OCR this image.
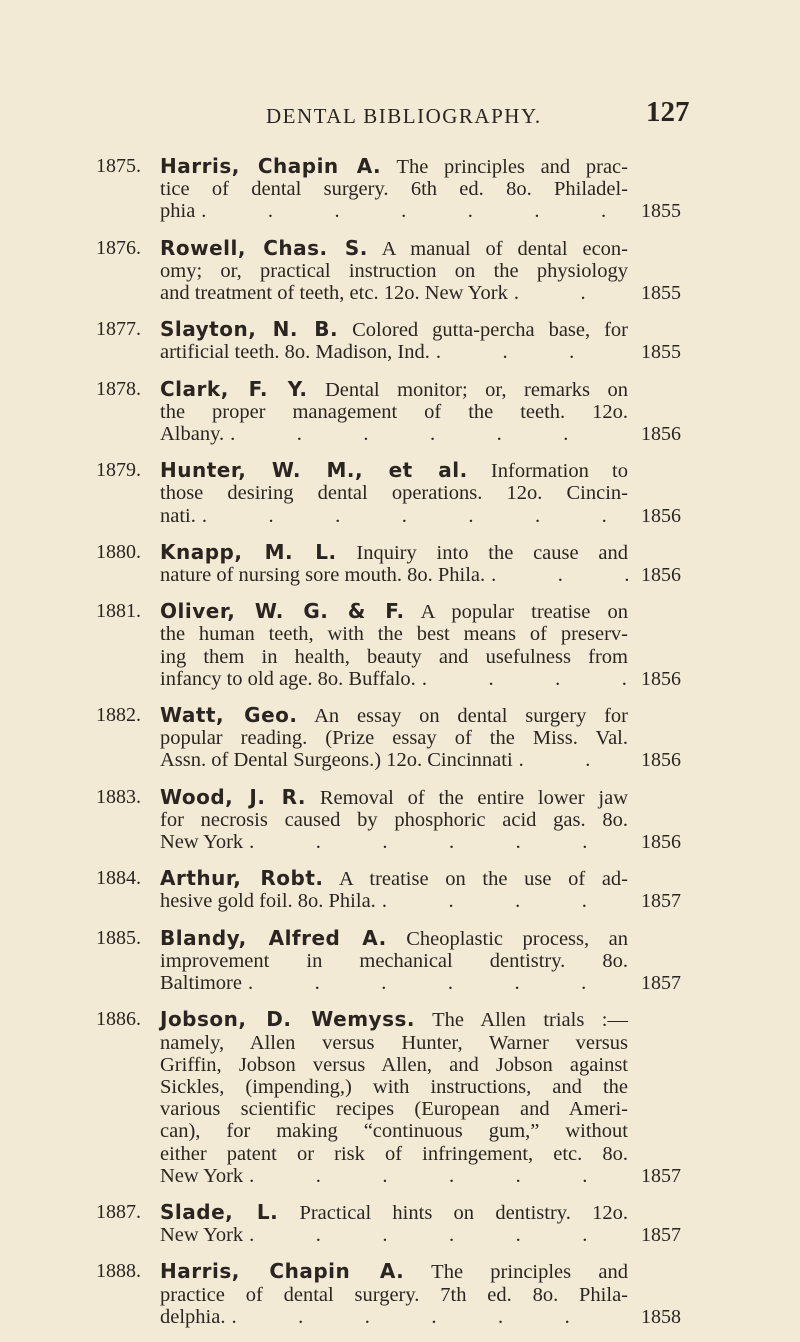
DENTAL BIBLIOGRAPHY.	127
1875. Harris, Chapin A. The principles and prac-
tice of dental surgery. 6th ed. 8o. Philadel-
phia .	1855
1876. Rowell, Chas. S. A manual of dental econ-
omy; or, practical instruction on the physiology
and treatment of teeth, etc. 12o. New York .	1855
1877. Slayton, N. B. Colored gutta-percha base, for
artificial teeth. 8o. Madison, Ind. .	1855
1878. Clark, F. Y. Dental monitor; or, remarks on
the proper management of the teeth. 12o.
Albany. .	1856
1879. Hunter, W. M., et al. Information to
those desiring dental operations. 12o. Cincin-
nati. .	1856
1880. Knapp, M. L. Inquiry into the cause and
nature of nursing sore mouth. 8o. Phila. .	1856
1881. Oliver, W. G. & F. A popular treatise on
the human teeth, with the best means of preserv-
ing them in health, beauty and usefulness from
infancy to old age. 8o. Buffalo. .	1856
1882. Watt, Geo. An essay on dental surgery for
popular reading. (Prize essay of the Miss. Val.
Assn. of Dental Surgeons.) 12o. Cincinnati .	1856
1883. Wood, J. R. Removal of the entire lower jaw
for necrosis caused by phosphoric acid gas. 8o.
New York .	1856
1884. Arthur, Robt. A treatise on the use of ad-
hesive gold foil. 8o. Phila. .	1857
1885. Blandy, Alfred A. Cheoplastic process, an
improvement in mechanical dentistry. 8o.
Baltimore .	1857
1886. Jobson, D. Wemyss. The Allen trials :—
namely, Allen versus Hunter, Warner versus
Griffin, Jobson versus Allen, and Jobson against
Sickles, (impending,) with instructions, and the
various scientific recipes (European and Ameri-
can), for making “continuous gum,” without
either patent or risk of infringement, etc. 8o.
New York .	1857
1887. Slade, L. Practical hints on dentistry. 12o.
New York .	1857
1888. Harris, Chapin A. The principles and
practice of dental surgery. 7th ed. 8o. Phila-
delphia. .	1858
